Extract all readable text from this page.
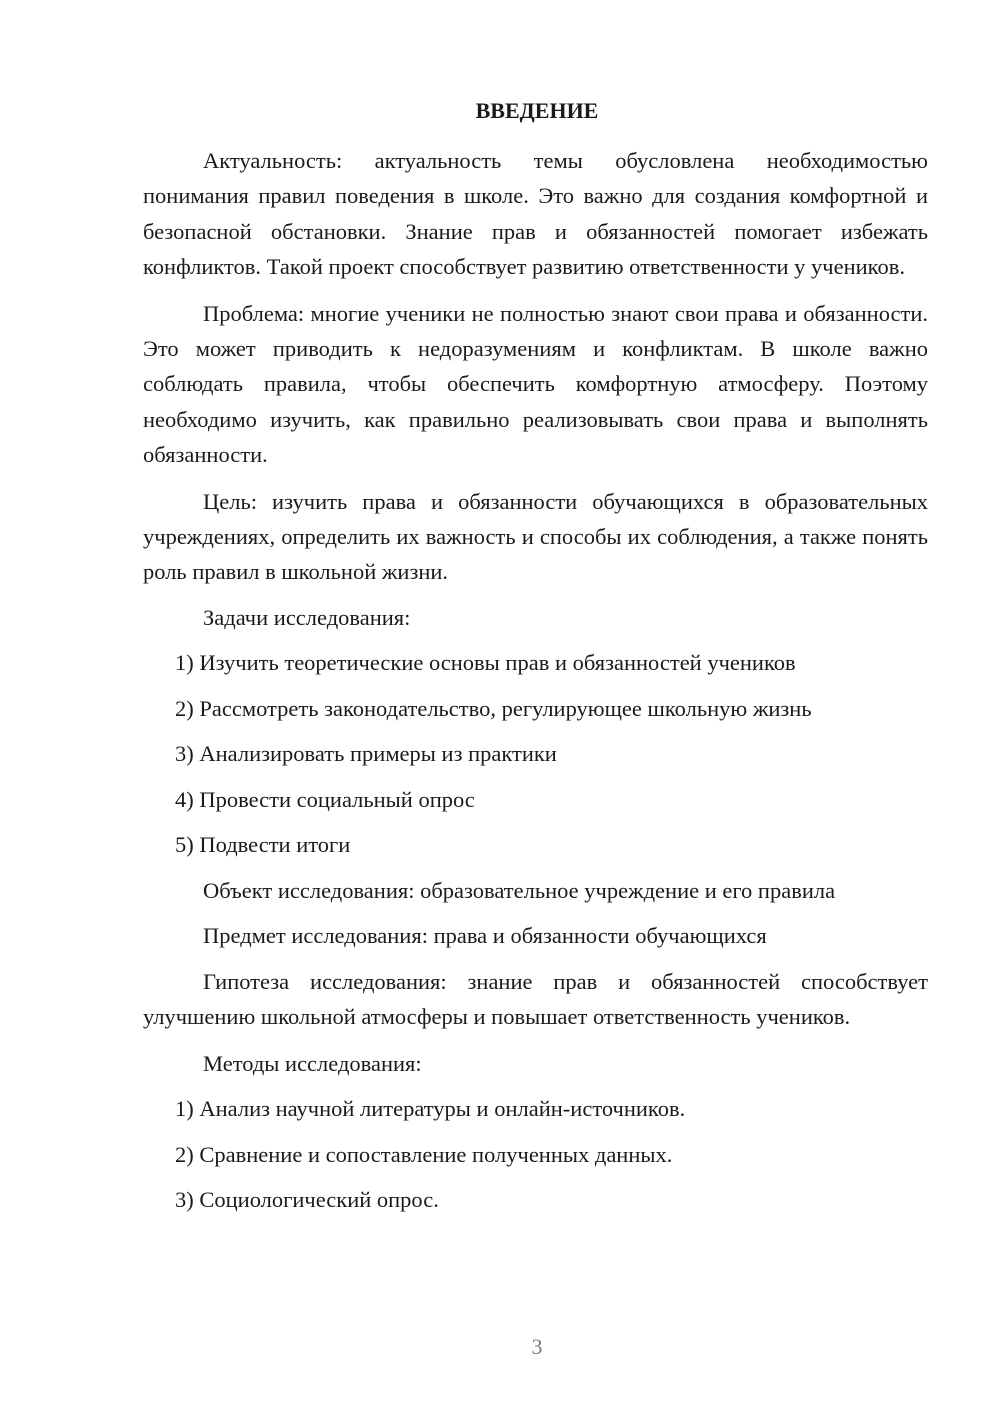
ВВЕДЕНИЕ

Актуальность: актуальность темы обусловлена необходимостью понимания правил поведения в школе. Это важно для создания комфортной и безопасной обстановки. Знание прав и обязанностей помогает избежать конфликтов. Такой проект способствует развитию ответственности у учеников.

Проблема: многие ученики не полностью знают свои права и обязанности. Это может приводить к недоразумениям и конфликтам. В школе важно соблюдать правила, чтобы обеспечить комфортную атмосферу. Поэтому необходимо изучить, как правильно реализовывать свои права и выполнять обязанности.

Цель: изучить права и обязанности обучающихся в образовательных учреждениях, определить их важность и способы их соблюдения, а также понять роль правил в школьной жизни.

Задачи исследования:

1) Изучить теоретические основы прав и обязанностей учеников

2) Рассмотреть законодательство, регулирующее школьную жизнь

3) Анализировать примеры из практики

4) Провести социальный опрос

5) Подвести итоги

Объект исследования: образовательное учреждение и его правила

Предмет исследования: права и обязанности обучающихся

Гипотеза исследования: знание прав и обязанностей способствует улучшению школьной атмосферы и повышает ответственность учеников.

Методы исследования:

1) Анализ научной литературы и онлайн-источников.

2) Сравнение и сопоставление полученных данных.

3) Социологический опрос.

3
